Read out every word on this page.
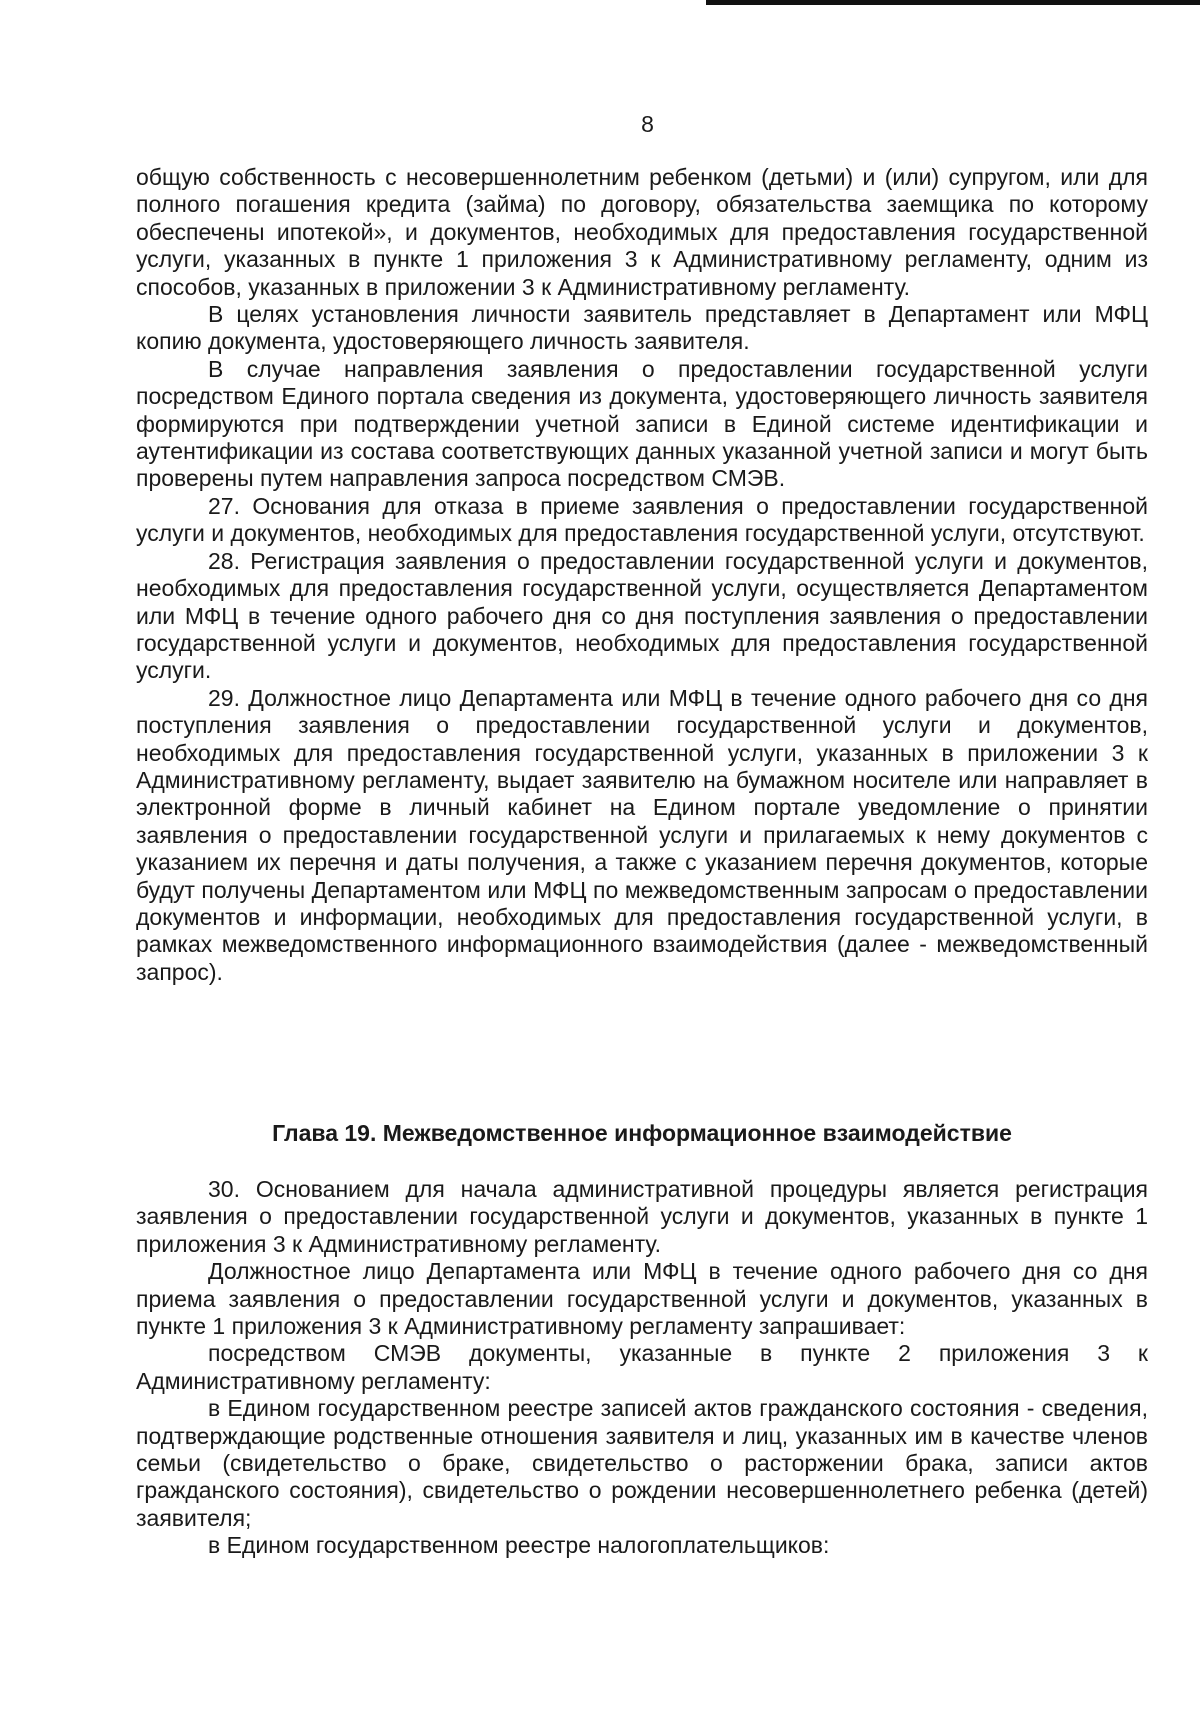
8

общую собственность с несовершеннолетним ребенком (детьми) и (или) супругом, или для полного погашения кредита (займа) по договору, обязательства заемщика по которому обеспечены ипотекой», и документов, необходимых для предоставления государственной услуги, указанных в пункте 1 приложения 3 к Административному регламенту, одним из способов, указанных в приложении 3 к Административному регламенту.

В целях установления личности заявитель представляет в Департамент или МФЦ копию документа, удостоверяющего личность заявителя.

В случае направления заявления о предоставлении государственной услуги посредством Единого портала сведения из документа, удостоверяющего личность заявителя формируются при подтверждении учетной записи в Единой системе идентификации и аутентификации из состава соответствующих данных указанной учетной записи и могут быть проверены путем направления запроса посредством СМЭВ.

27. Основания для отказа в приеме заявления о предоставлении государственной услуги и документов, необходимых для предоставления государственной услуги, отсутствуют.

28. Регистрация заявления о предоставлении государственной услуги и документов, необходимых для предоставления государственной услуги, осуществляется Департаментом или МФЦ в течение одного рабочего дня со дня поступления заявления о предоставлении государственной услуги и документов, необходимых для предоставления государственной услуги.

29. Должностное лицо Департамента или МФЦ в течение одного рабочего дня со дня поступления заявления о предоставлении государственной услуги и документов, необходимых для предоставления государственной услуги, указанных в приложении 3 к Административному регламенту, выдает заявителю на бумажном носителе или направляет в электронной форме в личный кабинет на Едином портале уведомление о принятии заявления о предоставлении государственной услуги и прилагаемых к нему документов с указанием их перечня и даты получения, а также с указанием перечня документов, которые будут получены Департаментом или МФЦ по межведомственным запросам о предоставлении документов и информации, необходимых для предоставления государственной услуги, в рамках межведомственного информационного взаимодействия (далее - межведомственный запрос).

Глава 19. Межведомственное информационное взаимодействие

30. Основанием для начала административной процедуры является регистрация заявления о предоставлении государственной услуги и документов, указанных в пункте 1 приложения 3 к Административному регламенту.

Должностное лицо Департамента или МФЦ в течение одного рабочего дня со дня приема заявления о предоставлении государственной услуги и документов, указанных в пункте 1 приложения 3 к Административному регламенту запрашивает:

посредством СМЭВ документы, указанные в пункте 2 приложения 3 к Административному регламенту:

в Едином государственном реестре записей актов гражданского состояния - сведения, подтверждающие родственные отношения заявителя и лиц, указанных им в качестве членов семьи (свидетельство о браке, свидетельство о расторжении брака, записи актов гражданского состояния), свидетельство о рождении несовершеннолетнего ребенка (детей) заявителя;

в Едином государственном реестре налогоплательщиков:
